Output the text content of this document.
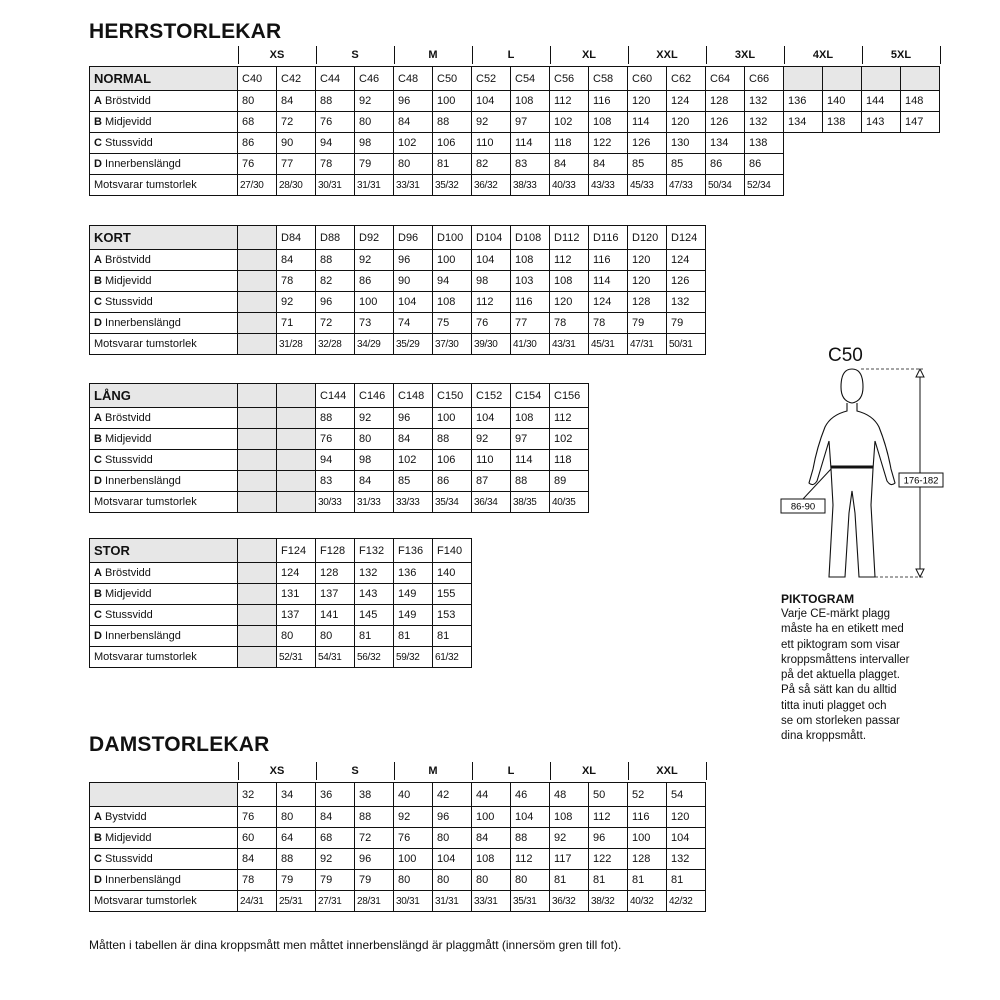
HERRSTORLEKAR
XS	S	M	L	XL	XXL	3XL	4XL	5XL
NORMAL	C40	C42	C44	C46	C48	C50	C52	C54	C56	C58	C60	C62	C64	C66				
A Bröstvidd	80	84	88	92	96	100	104	108	112	116	120	124	128	132	136	140	144	148
B Midjevidd	68	72	76	80	84	88	92	97	102	108	114	120	126	132	134	138	143	147
C Stussvidd	86	90	94	98	102	106	110	114	118	122	126	130	134	138				
D Innerbenslängd	76	77	78	79	80	81	82	83	84	84	85	85	86	86				
Motsvarar tumstorlek	27/30	28/30	30/31	31/31	33/31	35/32	36/32	38/33	40/33	43/33	45/33	47/33	50/34	52/34				
KORT		D84	D88	D92	D96	D100	D104	D108	D112	D116	D120	D124
A Bröstvidd		84	88	92	96	100	104	108	112	116	120	124
B Midjevidd		78	82	86	90	94	98	103	108	114	120	126
C Stussvidd		92	96	100	104	108	112	116	120	124	128	132
D Innerbenslängd		71	72	73	74	75	76	77	78	78	79	79
Motsvarar tumstorlek		31/28	32/28	34/29	35/29	37/30	39/30	41/30	43/31	45/31	47/31	50/31
LÅNG			C144	C146	C148	C150	C152	C154	C156
A Bröstvidd			88	92	96	100	104	108	112
B Midjevidd			76	80	84	88	92	97	102
C Stussvidd			94	98	102	106	110	114	118
D Innerbenslängd			83	84	85	86	87	88	89
Motsvarar tumstorlek			30/33	31/33	33/33	35/34	36/34	38/35	40/35
STOR		F124	F128	F132	F136	F140
A Bröstvidd		124	128	132	136	140
B Midjevidd		131	137	143	149	155
C Stussvidd		137	141	145	149	153
D Innerbenslängd		80	80	81	81	81
Motsvarar tumstorlek		52/31	54/31	56/32	59/32	61/32
DAMSTORLEKAR
XS	S	M	L	XL	XXL
	32	34	36	38	40	42	44	46	48	50	52	54
A Bystvidd	76	80	84	88	92	96	100	104	108	112	116	120
B Midjevidd	60	64	68	72	76	80	84	88	92	96	100	104
C Stussvidd	84	88	92	96	100	104	108	112	117	122	128	132
D Innerbenslängd	78	79	79	79	80	80	80	80	81	81	81	81
Motsvarar tumstorlek	24/31	25/31	27/31	28/31	30/31	31/31	33/31	35/31	36/32	38/32	40/32	42/32
C50
176-182
86-90
PIKTOGRAM
Varje CE-märkt plagg
måste ha en etikett med
ett piktogram som visar
kroppsmåttens intervaller
på det aktuella plagget.
På så sätt kan du alltid
titta inuti plagget och
se om storleken passar
dina kroppsmått.
Måtten i tabellen är dina kroppsmått men måttet innerbenslängd är plaggmått (innersöm gren till fot).
